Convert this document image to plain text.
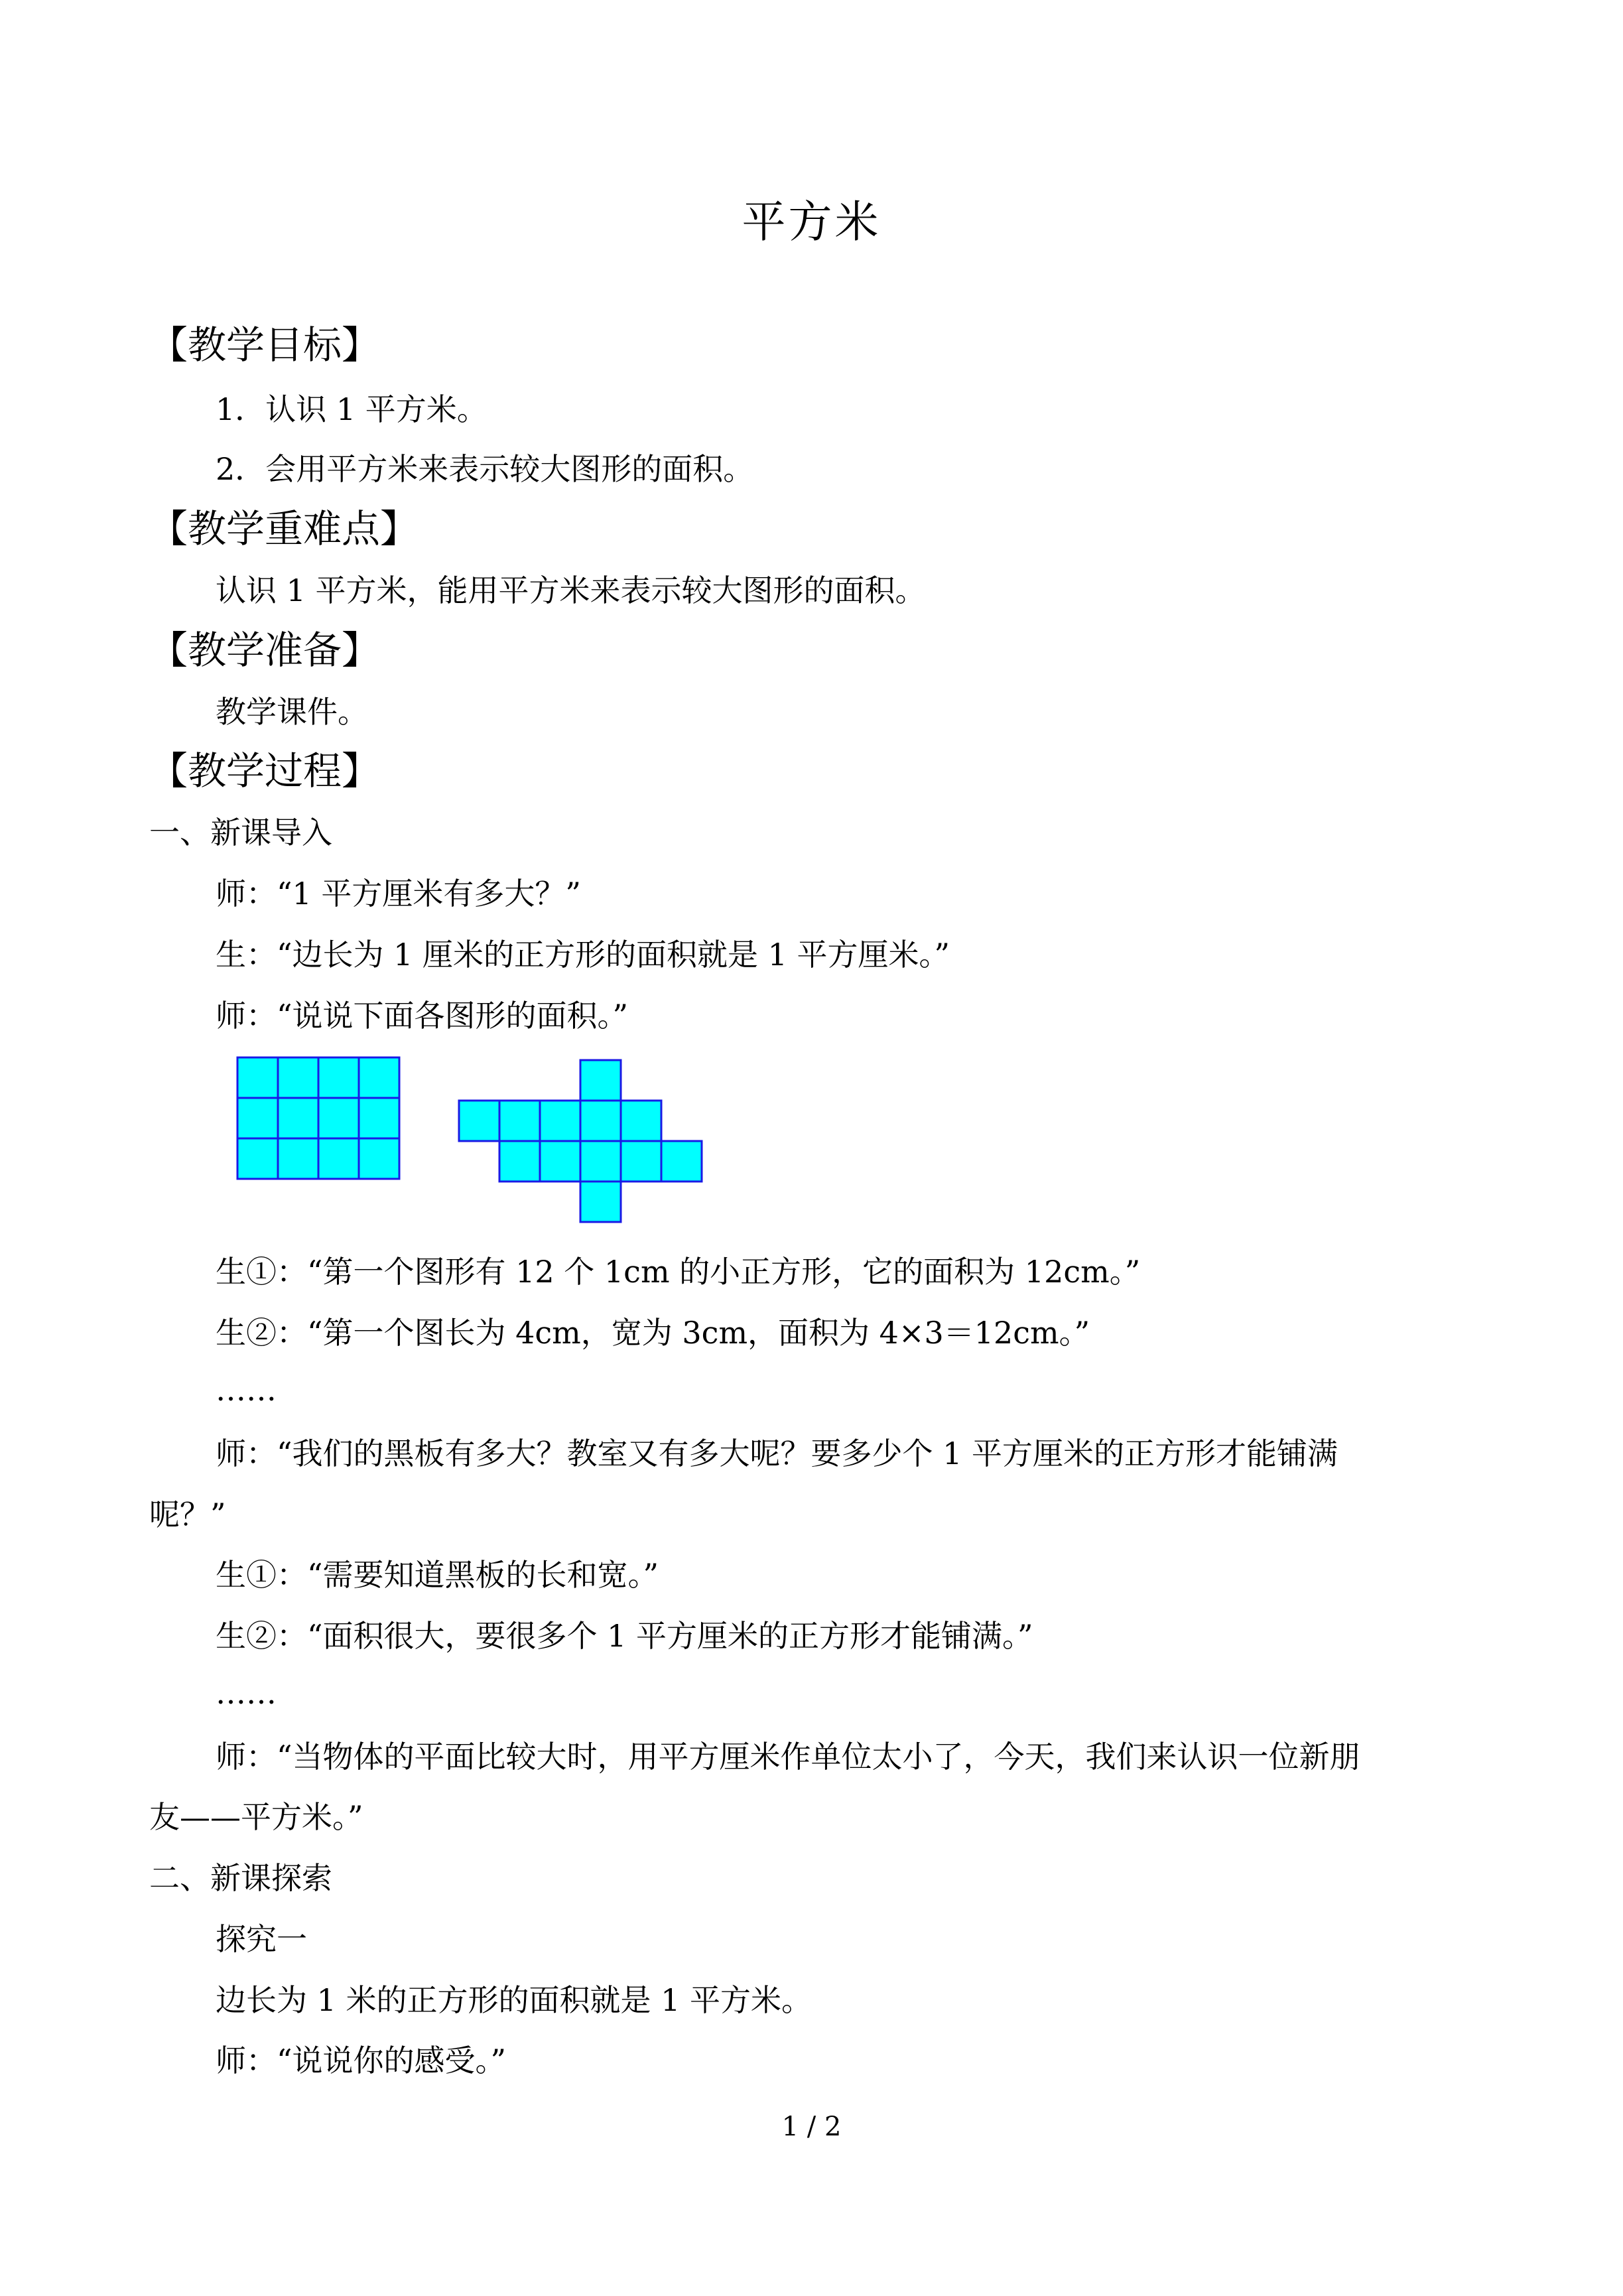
平方米
【教学目标】
1．认识 1 平方米。
2．会用平方米来表示较大图形的面积。
【教学重难点】
认识 1 平方米，能用平方米来表示较大图形的面积。
【教学准备】
教学课件。
【教学过程】
一、新课导入
师：“1 平方厘米有多大？”
生：“边长为 1 厘米的正方形的面积就是 1 平方厘米。”
师：“说说下面各图形的面积。”
生①：“第一个图形有 12 个 1cm 的小正方形，它的面积为 12cm。”
生②：“第一个图长为 4cm，宽为 3cm，面积为 4×3＝12cm。”
……
师：“我们的黑板有多大？教室又有多大呢？要多少个 1 平方厘米的正方形才能铺满
呢？”
生①：“需要知道黑板的长和宽。”
生②：“面积很大，要很多个 1 平方厘米的正方形才能铺满。”
……
师：“当物体的平面比较大时，用平方厘米作单位太小了，今天，我们来认识一位新朋
友——平方米。”
二、新课探索
探究一
边长为 1 米的正方形的面积就是 1 平方米。
师：“说说你的感受。”
1 / 2
